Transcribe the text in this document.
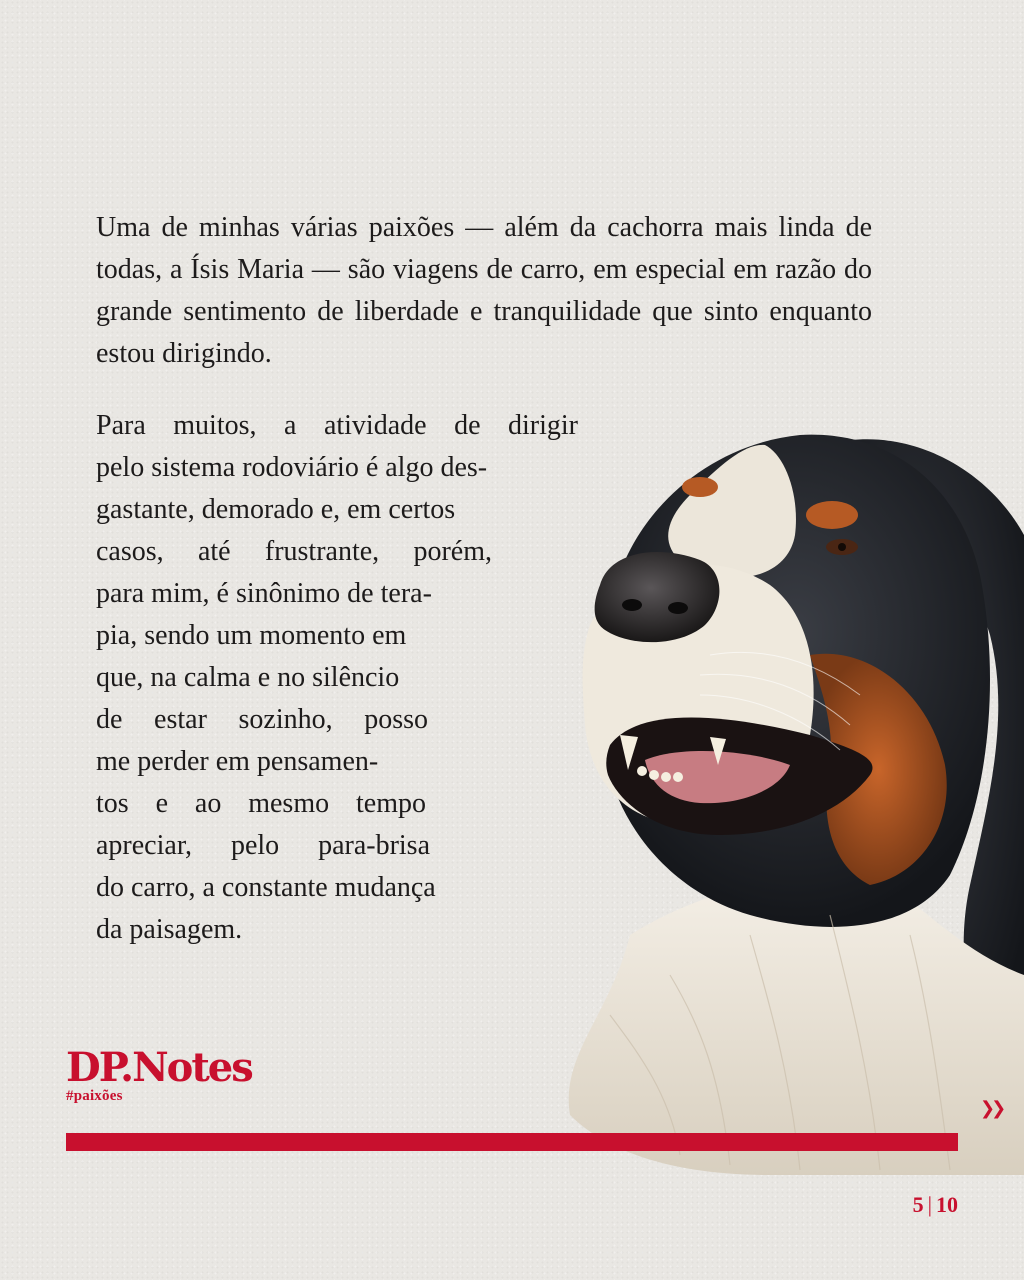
Uma de minhas várias paixões — além da cachorra mais linda de todas, a Ísis Maria — são viagens de carro, em especial em razão do grande sentimento de liberdade e tranquilidade que sinto enquanto estou dirigindo.

Para muitos, a atividade de dirigir
pelo sistema rodoviário é algo des-
gastante, demorado e, em certos
casos, até frustrante, porém,
para mim, é sinônimo de tera-
pia, sendo um momento em
que, na calma e no silêncio
de estar sozinho, posso
me perder em pensamen-
tos e ao mesmo tempo
apreciar, pelo para-brisa
do carro, a constante mudança
da paisagem.

DP.Notes
#paixões
❯❯
5 | 10
